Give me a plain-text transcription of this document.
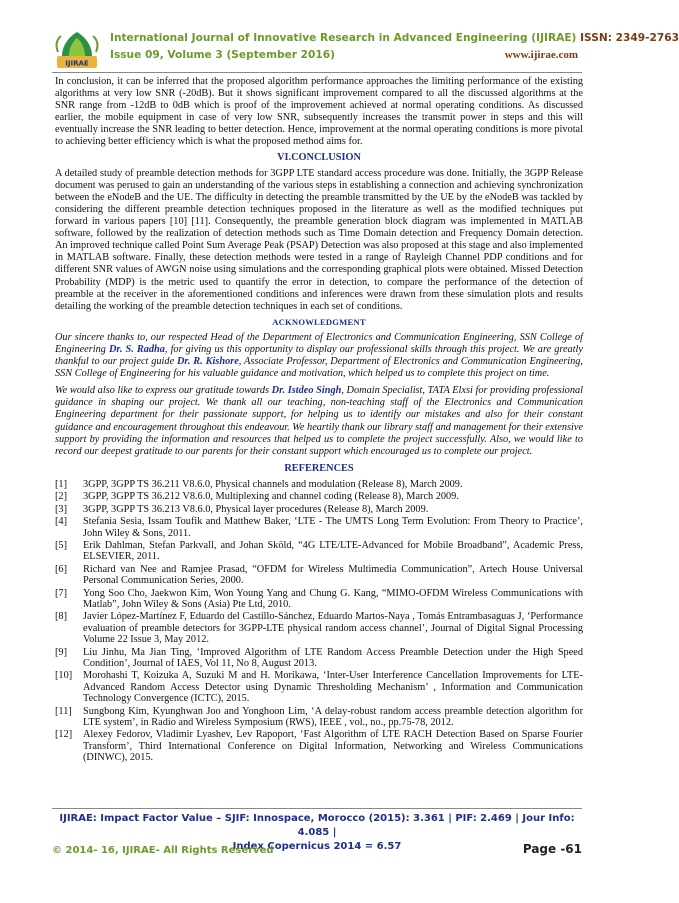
IJIRAE
International Journal of Innovative Research in Advanced Engineering (IJIRAE) ISSN: 2349-2763
Issue 09, Volume 3 (September 2016)	www.ijirae.com

In conclusion, it can be inferred that the proposed algorithm performance approaches the limiting performance of the existing algorithms at very low SNR (-20dB). But it shows significant improvement compared to all the discussed algorithms at the SNR range from -12dB to 0dB which is proof of the improvement achieved at normal operating conditions. As discussed earlier, the mobile equipment in case of very low SNR, subsequently increases the transmit power in steps and this will eventually increase the SNR leading to better detection. Hence, improvement at the normal operating conditions is more pivotal to achieving better efficiency which is what the proposed method aims for.

VI.CONCLUSION

A detailed study of preamble detection methods for 3GPP LTE standard access procedure was done. Initially, the 3GPP Release document was perused to gain an understanding of the various steps in establishing a connection and achieving synchronization between the eNodeB and the UE. The difficulty in detecting the preamble transmitted by the UE by the eNodeB was tackled by considering the different preamble detection techniques proposed in the literature as well as the modified techniques put forward in various papers [10] [11]. Consequently, the preamble generation block diagram was implemented in MATLAB software, followed by the realization of detection methods such as Time Domain detection and Frequency Domain detection. An improved technique called Point Sum Average Peak (PSAP) Detection was also proposed at this stage and also implemented in MATLAB software. Finally, these detection methods were tested in a range of Rayleigh Channel PDP conditions and for different SNR values of AWGN noise using simulations and the corresponding graphical plots were obtained. Missed Detection Probability (MDP) is the metric used to quantify the error in detection, to compare the performance of the detection of preamble at the receiver in the aforementioned conditions and inferences were drawn from these simulation plots and results detailing the working of the preamble detection techniques in each set of conditions.

ACKNOWLEDGMENT

Our sincere thanks to, our respected Head of the Department of Electronics and Communication Engineering, SSN College of Engineering Dr. S. Radha, for giving us this opportunity to display our professional skills through this project. We are greatly thankful to our project guide Dr. R. Kishore, Associate Professor, Department of Electronics and Communication Engineering, SSN College of Engineering for his valuable guidance and motivation, which helped us to complete this project on time.

We would also like to express our gratitude towards Dr. Istdeo Singh, Domain Specialist, TATA Elxsi for providing professional guidance in shaping our project. We thank all our teaching, non-teaching staff of the Electronics and Communication Engineering department for their passionate support, for helping us to identify our mistakes and also for their constant guidance and encouragement throughout this endeavour. We heartily thank our library staff and management for their extensive support by providing the information and resources that helped us to complete the project successfully. Also, we would like to record our deepest gratitude to our parents for their constant support which encouraged us to complete our project.

REFERENCES
[1] 3GPP, 3GPP TS 36.211 V8.6.0, Physical channels and modulation (Release 8), March 2009.
[2] 3GPP, 3GPP TS 36.212 V8.6.0, Multiplexing and channel coding (Release 8), March 2009.
[3] 3GPP, 3GPP TS 36.213 V8.6.0, Physical layer procedures (Release 8), March 2009.
[4] Stefania Sesia, Issam Toufik and Matthew Baker, ‘LTE - The UMTS Long Term Evolution: From Theory to Practice’, John Wiley & Sons, 2011.
[5] Erik Dahlman, Stefan Parkvall, and Johan Sköld, “4G LTE/LTE-Advanced for Mobile Broadband”, Academic Press, ELSEVIER, 2011.
[6] Richard van Nee and Ramjee Prasad, “OFDM for Wireless Multimedia Communication”, Artech House Universal Personal Communication Series, 2000.
[7] Yong Soo Cho, Jaekwon Kim, Won Young Yang and Chung G. Kang, “MIMO-OFDM Wireless Communications with Matlab”, John Wiley & Sons (Asia) Pte Ltd, 2010.
[8] Javier López-Martínez F, Eduardo del Castillo-Sánchez, Eduardo Martos-Naya , Tomás Entrambasaguas J, ‘Performance evaluation of preamble detectors for 3GPP-LTE physical random access channel’, Journal of Digital Signal Processing Volume 22 Issue 3, May 2012.
[9] Liu Jinhu, Ma Jian Ting, ‘Improved Algorithm of LTE Random Access Preamble Detection under the High Speed Condition’, Journal of IAES, Vol 11, No 8, August 2013.
[10] Morohashi T, Koizuka A, Suzuki M and H. Morikawa, ‘Inter-User Interference Cancellation Improvements for LTE-Advanced Random Access Detector using Dynamic Thresholding Mechanism’ , Information and Communication Technology Convergence (ICTC), 2015.
[11] Sungbong Kim, Kyunghwan Joo and Yonghoon Lim, ‘A delay-robust random access preamble detection algorithm for LTE system’, in Radio and Wireless Symposium (RWS), IEEE , vol., no., pp.75-78, 2012.
[12] Alexey Fedorov, Vladimir Lyashev, Lev Rapoport, ‘Fast Algorithm of LTE RACH Detection Based on Sparse Fourier Transform’, Third International Conference on Digital Information, Networking and Wireless Communications (DINWC), 2015.
IJIRAE: Impact Factor Value – SJIF: Innospace, Morocco (2015): 3.361 | PIF: 2.469 | Jour Info: 4.085 |
Index Copernicus 2014 = 6.57
© 2014- 16, IJIRAE- All Rights Reserved	Page -61
